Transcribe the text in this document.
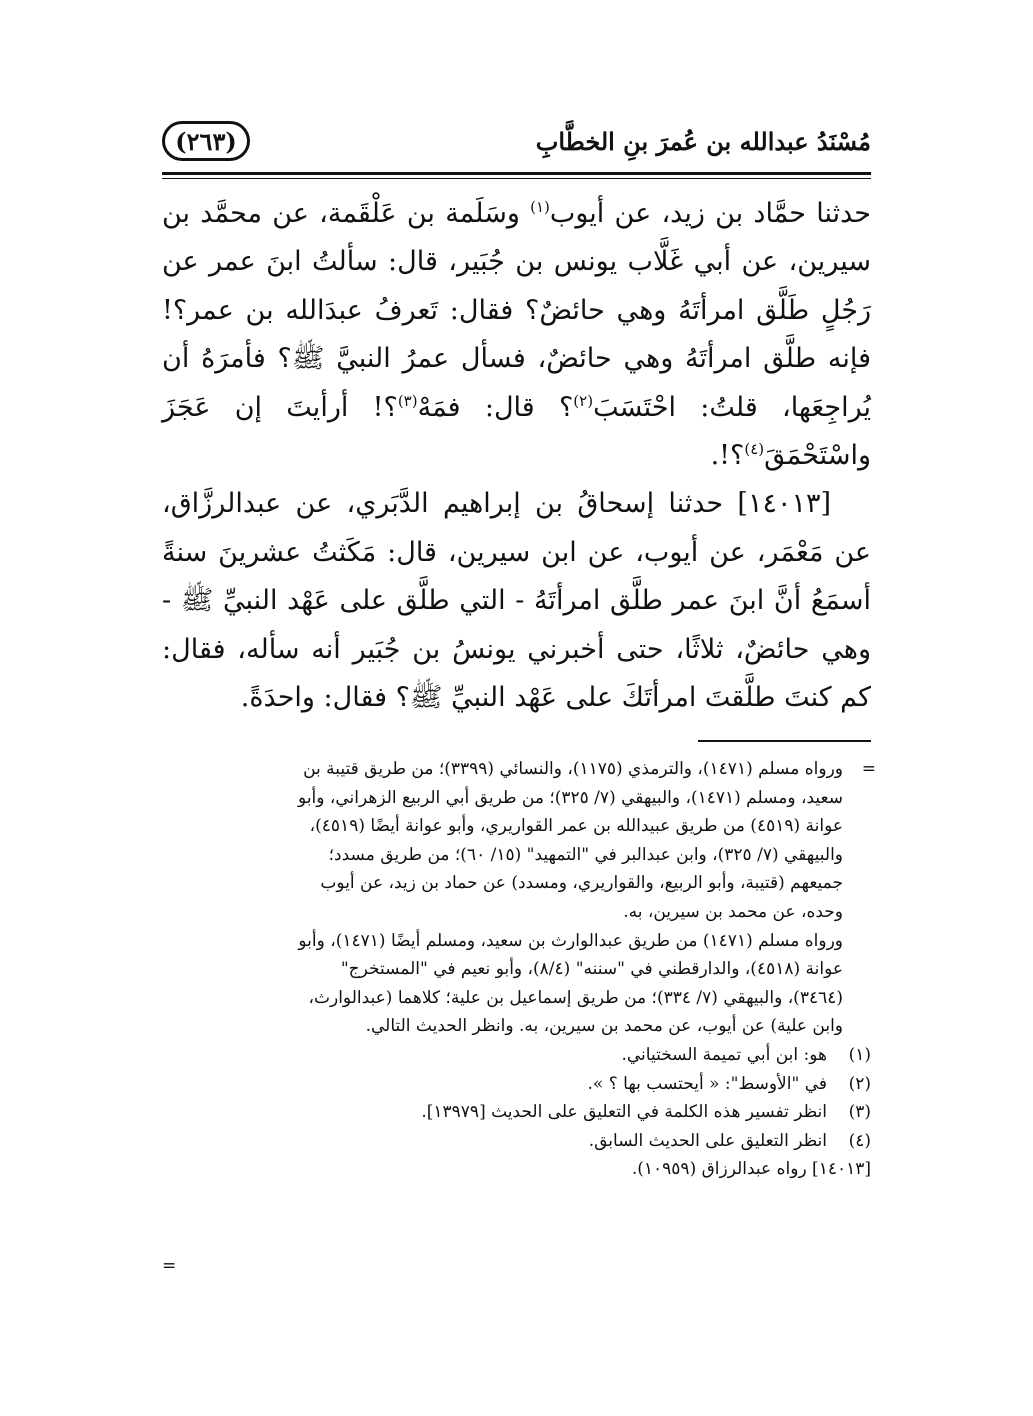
(٢٦٣)	مُسْنَدُ عبدالله بن عُمرَ بنِ الخطَّابِ

حدثنا حمَّاد بن زيد، عن أيوب$^{(١)}$ وسَلَمة بن عَلْقَمة، عن محمَّد بن سيرين، عن أبي غَلَّاب يونس بن جُبَير، قال: سألتُ ابنَ عمر عن رَجُلٍ طَلَّق امرأتَهُ وهي حائضٌ؟ فقال: تَعرفُ عبدَالله بن عمر؟! فإنه طلَّق امرأتَهُ وهي حائضٌ، فسأل عمرُ النبيَّ ﷺ؟ فأمرَهُ أن يُراجِعَها، قلتُ: احْتَسَبَ$^{(٢)}$؟ قال: فمَهْ$^{(٣)}$؟! أرأيتَ إن عَجَزَ واسْتَحْمَقَ$^{(٤)}$؟!.

[١٤٠١٣] حدثنا إسحاقُ بن إبراهيم الدَّبَري، عن عبدالرزَّاق، عن مَعْمَر، عن أيوب، عن ابن سيرين، قال: مَكَثتُ عشرينَ سنةً أسمَعُ أنَّ ابنَ عمر طلَّق امرأتَهُ - التي طلَّق على عَهْد النبيِّ ﷺ - وهي حائضٌ، ثلاثًا، حتى أخبرني يونسُ بن جُبَير أنه سأله، فقال: كم كنتَ طلَّقتَ امرأتَكَ على عَهْد النبيِّ ﷺ؟ فقال: واحدَةً.

=
ورواه مسلم (١٤٧١)، والترمذي (١١٧٥)، والنسائي (٣٣٩٩)؛ من طريق قتيبة بن
سعيد، ومسلم (١٤٧١)، والبيهقي (٧/ ٣٢٥)؛ من طريق أبي الربيع الزهراني، وأبو
عوانة (٤٥١٩) من طريق عبيدالله بن عمر القواريري، وأبو عوانة أيضًا (٤٥١٩)،
والبيهقي (٧/ ٣٢٥)، وابن عبدالبر في "التمهيد" (١٥/ ٦٠)؛ من طريق مسدد؛
جميعهم (قتيبة، وأبو الربيع، والقواريري، ومسدد) عن حماد بن زيد، عن أيوب
وحده، عن محمد بن سيرين، به.
ورواه مسلم (١٤٧١) من طريق عبدالوارث بن سعيد، ومسلم أيضًا (١٤٧١)، وأبو
عوانة (٤٥١٨)، والدارقطني في "سننه" (٨/٤)، وأبو نعيم في "المستخرج"
(٣٤٦٤)، والبيهقي (٧/ ٣٣٤)؛ من طريق إسماعيل بن علية؛ كلاهما (عبدالوارث،
وابن علية) عن أيوب، عن محمد بن سيرين، به. وانظر الحديث التالي.
(١)
هو: ابن أبي تميمة السختياني.
(٢)
في "الأوسط": « أيحتسب بها ؟ ».
(٣)
انظر تفسير هذه الكلمة في التعليق على الحديث [١٣٩٧٩].
(٤)
انظر التعليق على الحديث السابق.
[١٤٠١٣] رواه عبدالرزاق (١٠٩٥٩).
=
